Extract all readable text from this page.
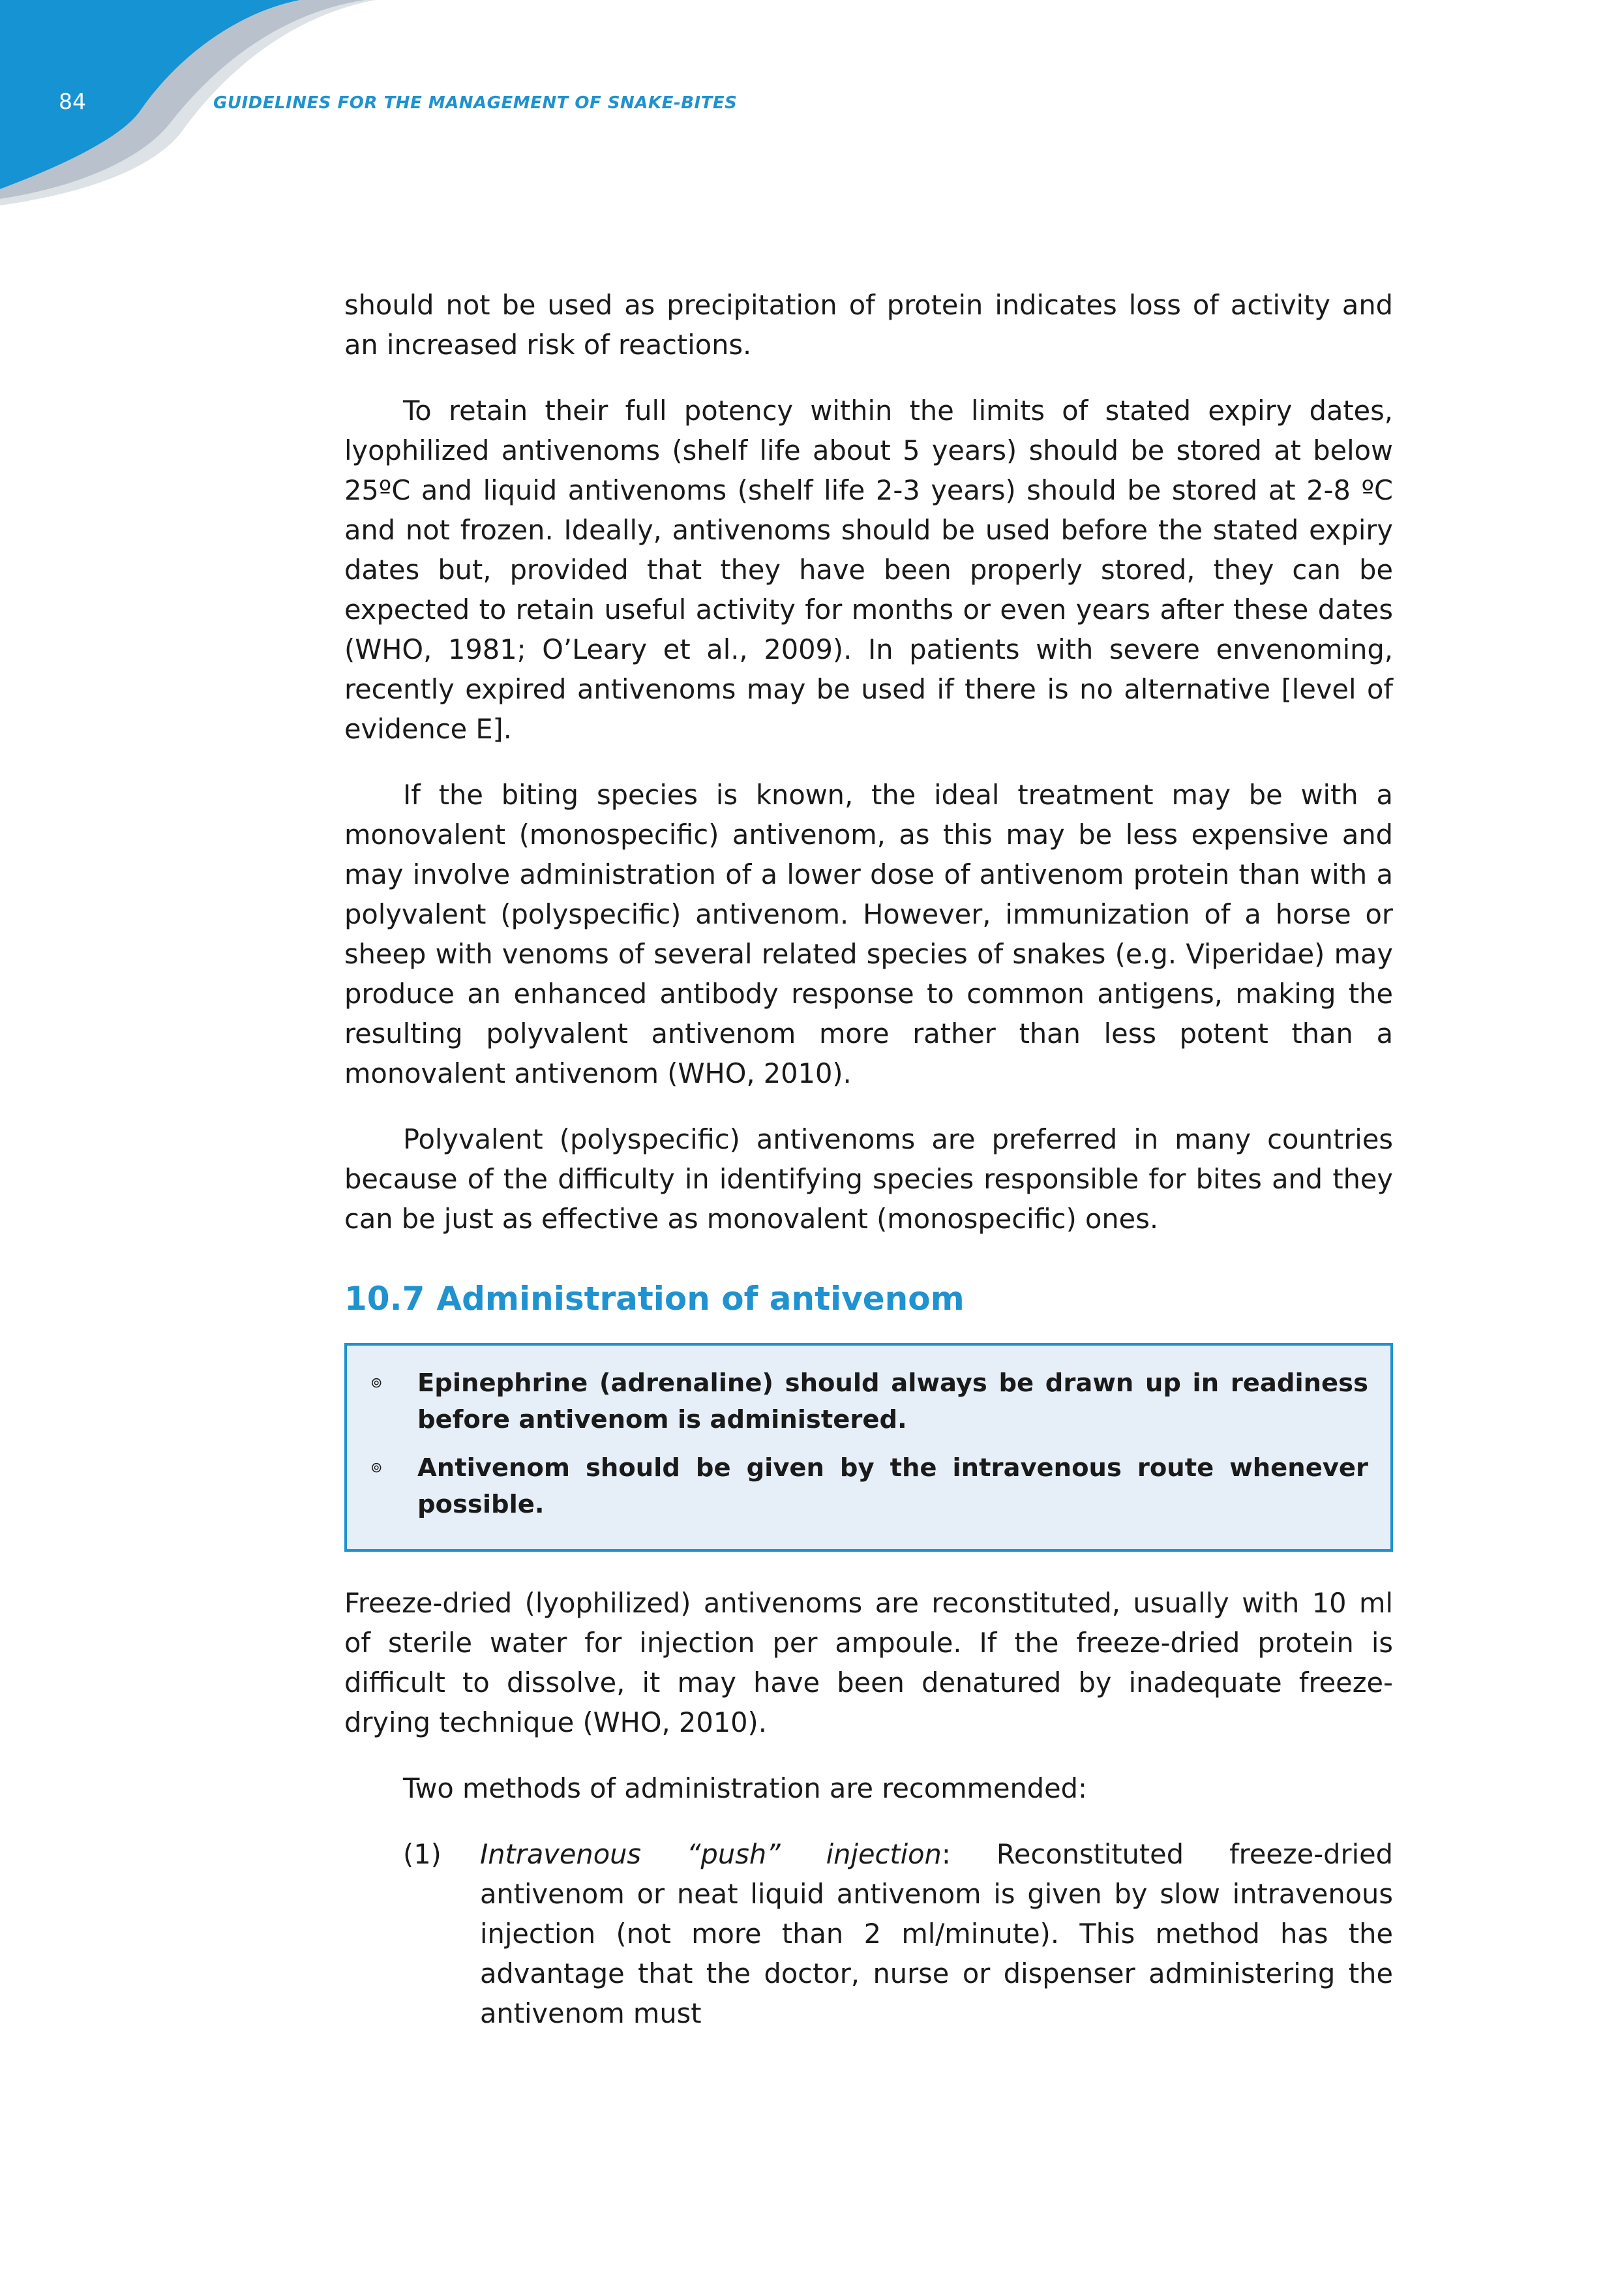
84	GUIDELINES FOR THE MANAGEMENT OF SNAKE-BITES

should not be used as precipitation of protein indicates loss of activity and an increased risk of reactions.

To retain their full potency within the limits of stated expiry dates, lyophilized antivenoms (shelf life about 5 years) should be stored at below 25ºC and liquid antivenoms (shelf life 2-3 years) should be stored at 2-8 ºC and not frozen. Ideally, antivenoms should be used before the stated expiry dates but, provided that they have been properly stored, they can be expected to retain useful activity for months or even years after these dates (WHO, 1981; O’Leary et al., 2009). In patients with severe envenoming, recently expired antivenoms may be used if there is no alternative [level of evidence E].

If the biting species is known, the ideal treatment may be with a monovalent (monospecific) antivenom, as this may be less expensive and may involve administration of a lower dose of antivenom protein than with a polyvalent (polyspecific) antivenom. However, immunization of a horse or sheep with venoms of several related species of snakes (e.g. Viperidae) may produce an enhanced antibody response to common antigens, making the resulting polyvalent antivenom more rather than less potent than a monovalent antivenom (WHO, 2010).

Polyvalent (polyspecific) antivenoms are preferred in many countries because of the difficulty in identifying species responsible for bites and they can be just as effective as monovalent (monospecific) ones.

10.7 Administration of antivenom
⊚	Epinephrine (adrenaline) should always be drawn up in readiness before antivenom is administered.
⊚	Antivenom should be given by the intravenous route whenever possible.

Freeze-dried (lyophilized) antivenoms are reconstituted, usually with 10 ml of sterile water for injection per ampoule. If the freeze-dried protein is difficult to dissolve, it may have been denatured by inadequate freeze-drying technique (WHO, 2010).

Two methods of administration are recommended:

(1)	Intravenous “push” injection: Reconstituted freeze-dried antivenom or neat liquid antivenom is given by slow intravenous injection (not more than 2 ml/minute). This method has the advantage that the doctor, nurse or dispenser administering the antivenom must
